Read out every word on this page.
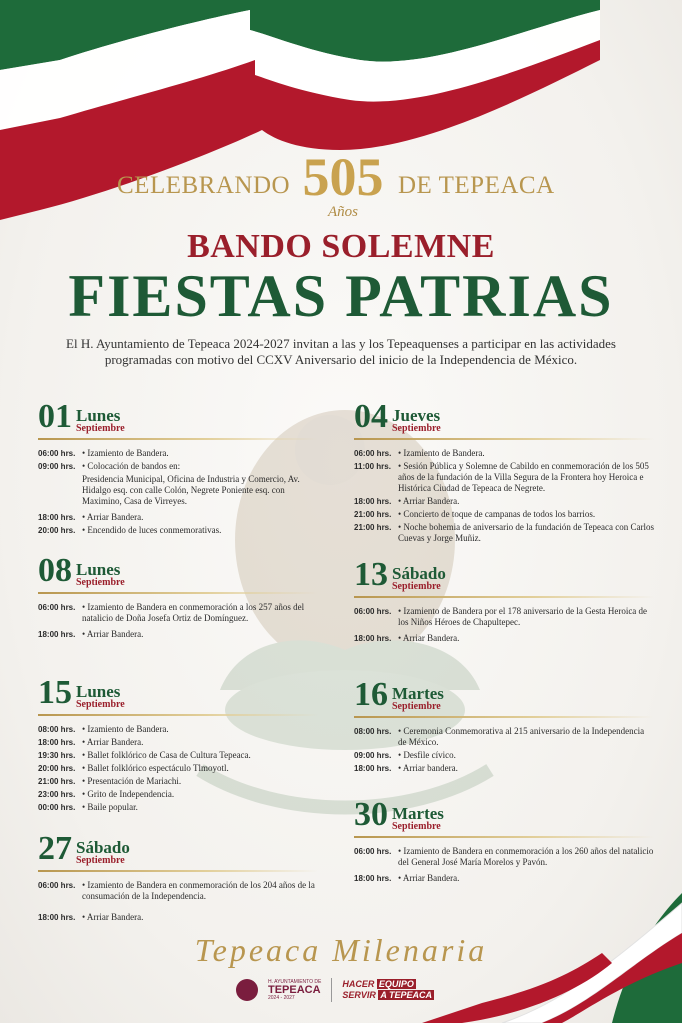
CELEBRANDO 505
Años
DE TEPEACA
BANDO SOLEMNE
FIESTAS PATRIAS
El H. Ayuntamiento de Tepeaca 2024-2027 invitan a las y los Tepeaquenses a participar en las actividades programadas con motivo del CCXV Aniversario del inicio de la Independencia de México.
01 Lunes
Septiembre
06:00 hrs.	• Izamiento de Bandera.
09:00 hrs.	• Colocación de bandos en:
Presidencia Municipal, Oficina de Industria y Comercio, Av. Hidalgo esq. con calle Colón, Negrete Poniente esq. con Maximino, Casa de Virreyes.
18:00 hrs.	• Arriar Bandera.
20:00 hrs.	• Encendido de luces conmemorativas.
08 Lunes
Septiembre
06:00 hrs.	• Izamiento de Bandera en conmemoración a los 257 años del natalicio de Doña Josefa Ortiz de Domínguez.
18:00 hrs.	• Arriar Bandera.
15 Lunes
Septiembre
08:00 hrs.	• Izamiento de Bandera.
18:00 hrs.	• Arriar Bandera.
19:30 hrs.	• Ballet folklórico de Casa de Cultura Tepeaca.
20:00 hrs.	• Ballet folklórico espectáculo Tlmoyotl.
21:00 hrs.	• Presentación de Mariachi.
23:00 hrs.	• Grito de Independencia.
00:00 hrs.	• Baile popular.
27 Sábado
Septiembre
06:00 hrs.	• Izamiento de Bandera en conmemoración de los 204 años de la consumación de la Independencia.
18:00 hrs.	• Arriar Bandera.
04 Jueves
Septiembre
06:00 hrs.	• Izamiento de Bandera.
11:00 hrs.	• Sesión Pública y Solemne de Cabildo en conmemoración de los 505 años de la fundación de la Villa Segura de la Frontera hoy Heroica e Histórica Ciudad de Tepeaca de Negrete.
18:00 hrs.	• Arriar Bandera.
21:00 hrs.	• Concierto de toque de campanas de todos los barrios.
21:00 hrs.	• Noche bohemia de aniversario de la fundación de Tepeaca con Carlos Cuevas y Jorge Muñiz.
13 Sábado
Septiembre
06:00 hrs.	• Izamiento de Bandera por el 178 aniversario de la Gesta Heroica de los Niños Héroes de Chapultepec.
18:00 hrs.	• Arriar Bandera.
16 Martes
Septiembre
08:00 hrs.	• Ceremonia Conmemorativa al 215 aniversario de la Independencia de México.
09:00 hrs.	• Desfile cívico.
18:00 hrs.	• Arriar bandera.
30 Martes
Septiembre
06:00 hrs.	• Izamiento de Bandera en conmemoración a los 260 años del natalicio del General José María Morelos y Pavón.
18:00 hrs.	• Arriar Bandera.
Tepeaca Milenaria
H. AYUNTAMIENTO DE
TEPEACA
2024 - 2027
HACER EQUIPO
SERVIR A TEPEACA
